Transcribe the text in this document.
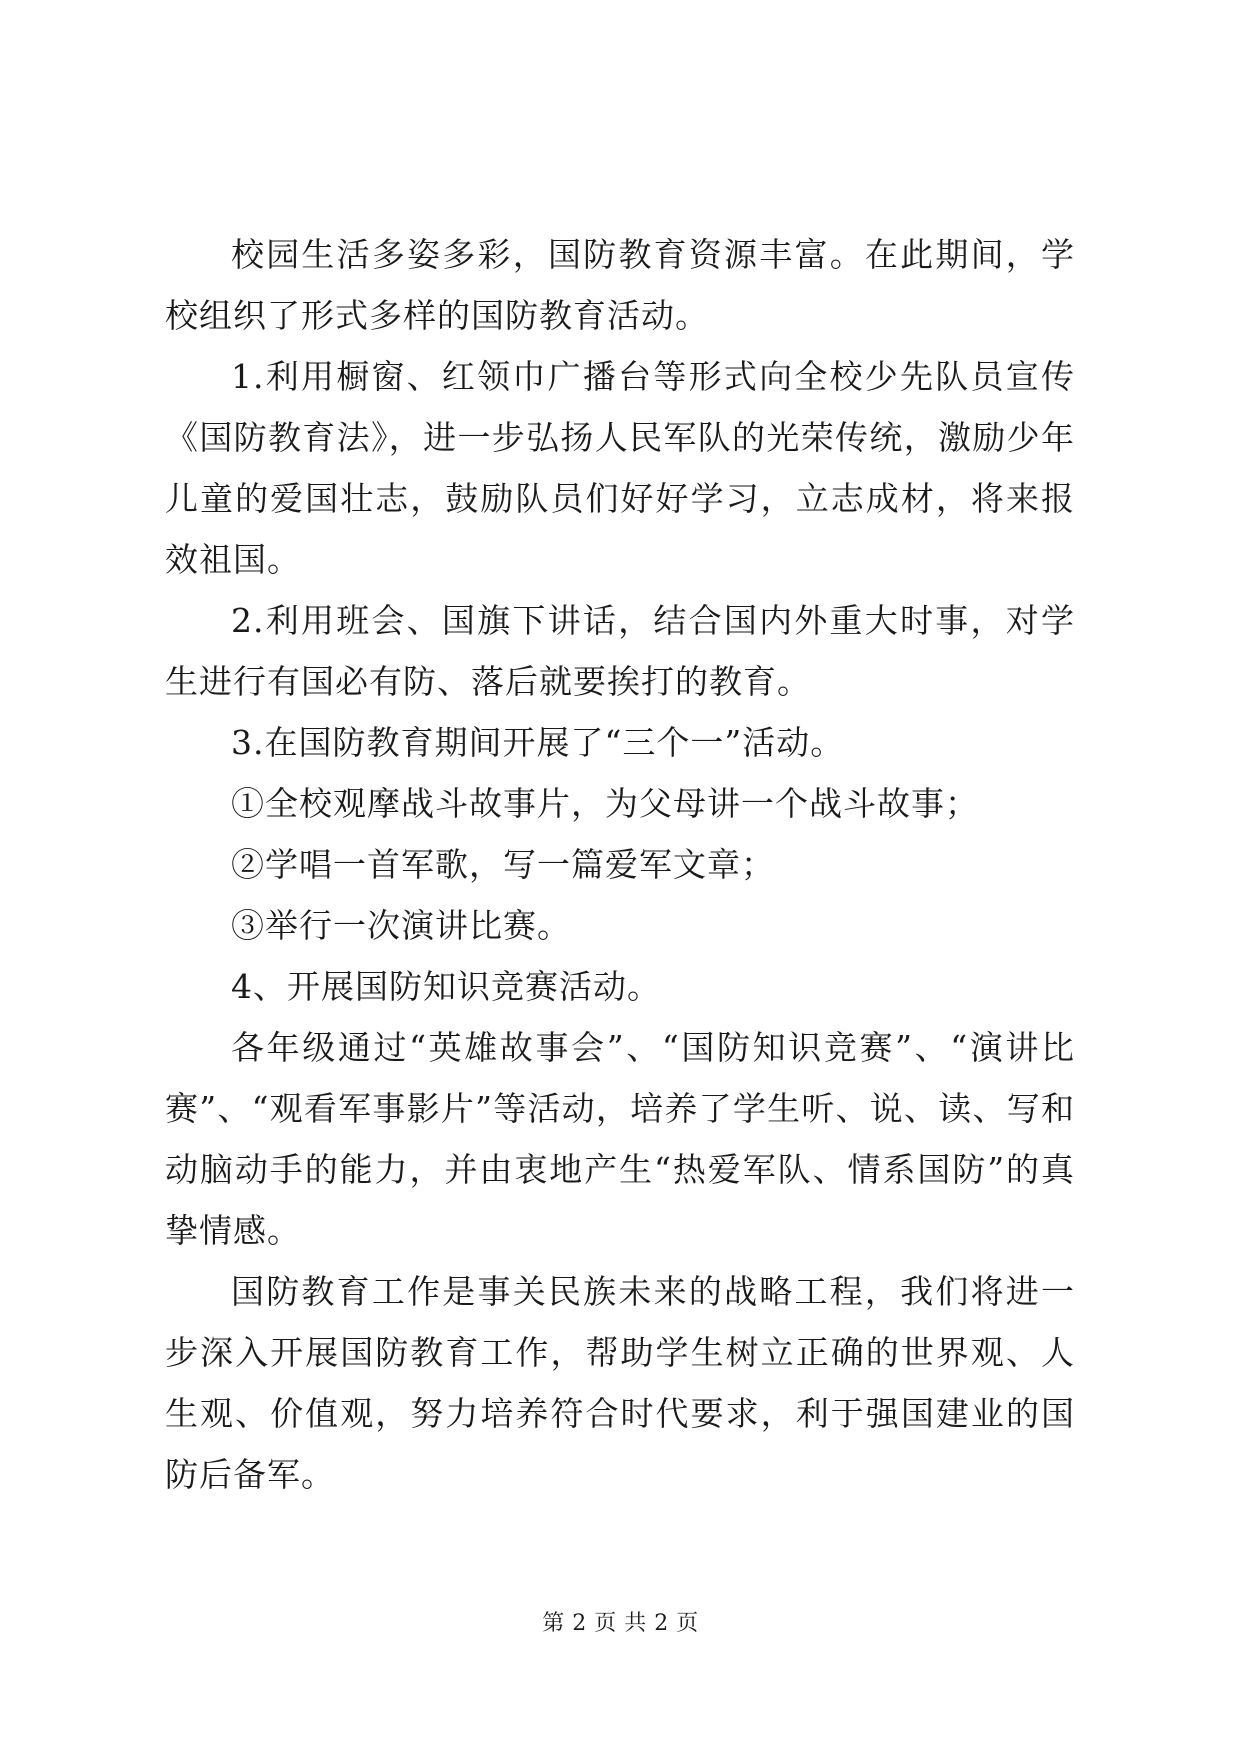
校园生活多姿多彩，国防教育资源丰富。在此期间，学校组织了形式多样的国防教育活动。

1.利用橱窗、红领巾广播台等形式向全校少先队员宣传《国防教育法》，进一步弘扬人民军队的光荣传统，激励少年儿童的爱国壮志，鼓励队员们好好学习，立志成材，将来报效祖国。

2.利用班会、国旗下讲话，结合国内外重大时事，对学生进行有国必有防、落后就要挨打的教育。

3.在国防教育期间开展了“三个一”活动。

①全校观摩战斗故事片，为父母讲一个战斗故事；

②学唱一首军歌，写一篇爱军文章；

③举行一次演讲比赛。

4、开展国防知识竞赛活动。

各年级通过“英雄故事会”、“国防知识竞赛”、“演讲比赛”、“观看军事影片”等活动，培养了学生听、说、读、写和动脑动手的能力，并由衷地产生“热爱军队、情系国防”的真挚情感。

国防教育工作是事关民族未来的战略工程，我们将进一步深入开展国防教育工作，帮助学生树立正确的世界观、人生观、价值观，努力培养符合时代要求，利于强国建业的国防后备军。

第 2 页 共 2 页
